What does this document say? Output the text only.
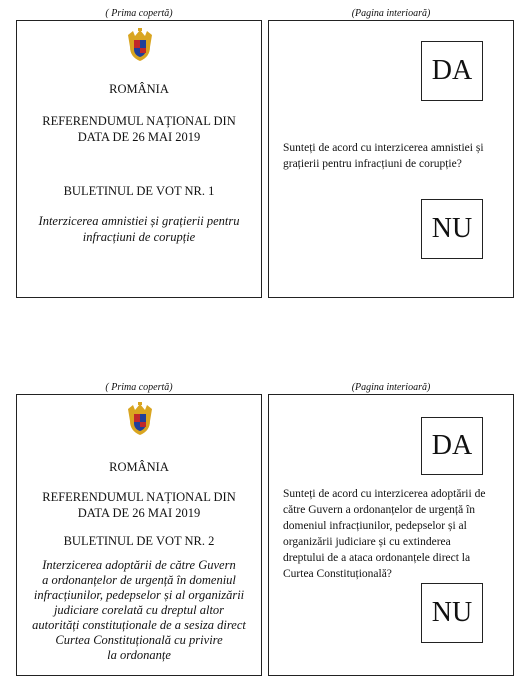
( Prima copertă)	(Pagina interioară)
ROMÂNIA
REFERENDUMUL NAȚIONAL DIN
DATA DE 26 MAI 2019
BULETINUL DE VOT NR. 1
Interzicerea amnistiei și grațierii pentru
infracțiuni de corupție
DA
Sunteți de acord cu interzicerea amnistiei și
grațierii pentru infracțiuni de corupție?
NU
( Prima copertă)	(Pagina interioară)
ROMÂNIA
REFERENDUMUL NAȚIONAL DIN
DATA DE 26 MAI 2019
BULETINUL DE VOT NR. 2
Interzicerea adoptării de către Guvern
a ordonanțelor de urgență în domeniul
infracțiunilor, pedepselor și al organizării
judiciare corelată cu dreptul altor
autorități constituționale de a sesiza direct
Curtea Constituțională cu privire
la ordonanțe
DA
Sunteți de acord cu interzicerea adoptării de
către Guvern a ordonanțelor de urgență în
domeniul infracțiunilor, pedepselor și al
organizării judiciare și cu extinderea
dreptului de a ataca ordonanțele direct la
Curtea Constituțională?
NU
